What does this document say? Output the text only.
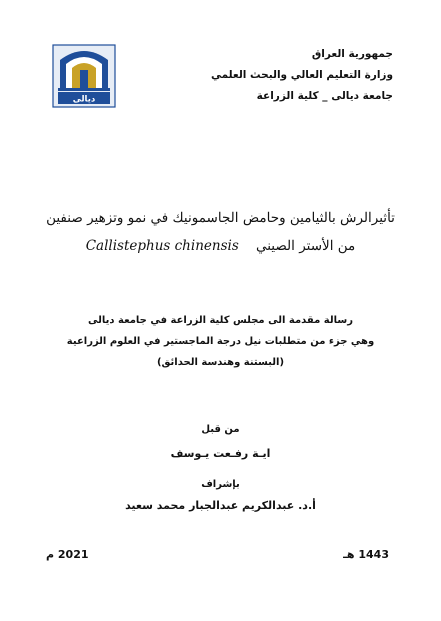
ديالى
جمهورية العراق
وزارة التعليم العالي والبحث العلمي
جامعة ديالى _ كلية الزراعة
تأثيرالرش بالثيامين وحامض الجاسمونيك في نمو وتزهير صنفين
من الأستر الصيني    Callistephus chinensis
رسالة مقدمة الى مجلس كلية الزراعة في جامعة ديالى
وهي جزء من متطلبات نيل درجة الماجستير في العلوم الزراعية
(البستنة وهندسة الحدائق)
من قبل
ايـة رفـعت يـوسف
بإشراف
أ.د. عبدالكريم عبدالجبار محمد سعيد
1443 هـ
2021 م
